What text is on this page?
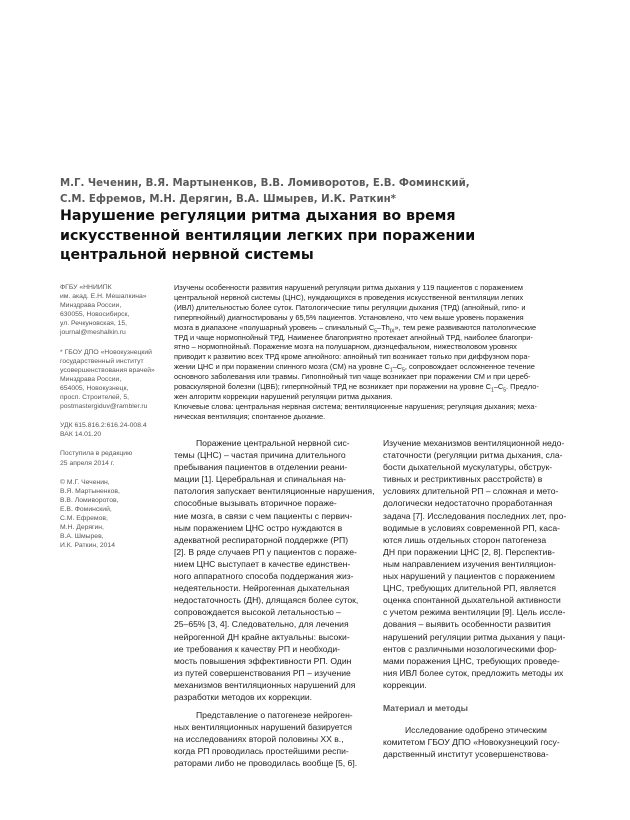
М.Г. Чеченин, В.Я. Мартыненков, В.В. Ломиворотов, Е.В. Фоминский,

С.М. Ефремов, М.Н. Дерягин, В.А. Шмырев, И.К. Раткин*

Нарушение регуляции ритма дыхания во время искусственной вентиляции легких при поражении центральной нервной системы
ФГБУ «ННИИПК
им. акад. Е.Н. Мешалкина»
Минздрава России,
630055, Новосибирск,
ул. Речкуновская, 15,
journal@meshalkin.ru
* ГБОУ ДПО «Новокузнецкий
государственный институт
усовершенствования врачей»
Минздрава России,
654005, Новокузнецк,
просп. Строителей, 5,
postmastergiduv@rambler.ru
УДК 615.816.2:616.24-008.4
ВАК 14.01.20
Поступила в редакцию
25 апреля 2014 г.
© М.Г. Чеченин,
В.Я. Мартыненков,
В.В. Ломиворотов,
Е.В. Фоминский,
С.М. Ефремов,
М.Н. Дерягин,
В.А. Шмырев,
И.К. Раткин, 2014
Изучены особенности развития нарушений регуляции ритма дыхания у 119 пациентов с поражением
центральной нервной системы (ЦНС), нуждающихся в проведения искусственной вентиляции легких
(ИВЛ) длительностью более суток. Патологические типы регуляции дыхания (ТРД) (апнойный, гипо- и
гиперпнойный) диагностированы у 65,5% пациентов. Установлено, что чем выше уровень поражения
мозга в диапазоне «полушарный уровень – спинальный $C_5-Th_{IX}$», тем реже развиваются патологические
ТРД и чаще нормопнойный ТРД. Наименее благоприятно протекает апнойный ТРД, наиболее благопри-
ятно – нормопнойный. Поражение мозга на полушарном, диэнцефальном, нижестволовом уровнях
приводит к развитию всех ТРД кроме апнойного: апнойный тип возникает только при диффузном пора-
жении ЦНС и при поражении спинного мозга (СМ) на уровне $C_1-C_5$, сопровождает осложненное течение
основного заболевания или травмы. Гипопнойный тип чаще возникает при поражении СМ и при цереб-
роваскулярной болезни (ЦВБ); гиперпнойный ТРД не возникает при поражении на уровне $C_1-C_5$. Предло-
жен алгоритм коррекции нарушений регуляции ритма дыхания.
Ключевые слова: центральная нервная система; вентиляционные нарушения; регуляция дыхания; меха-
ническая вентиляция; спонтанное дыхание.
Поражение центральной нервной сис-
темы (ЦНС) – частая причина длительного
пребывания пациентов в отделении реани-
мации [1]. Церебральная и спинальная на-
патология запускает вентиляционные нарушения,
способные вызывать вторичное пораже-
ние мозга, в связи с чем пациенты с первич-
ным поражением ЦНС остро нуждаются в
адекватной респираторной поддержке (РП)
[2]. В ряде случаев РП у пациентов с пораже-
нием ЦНС выступает в качестве единствен-
ного аппаратного способа поддержания жиз-
недеятельности. Нейрогенная дыхательная
недостаточность (ДН), длящаяся более суток,
сопровождается высокой летальностью –
25–65% [3, 4]. Следовательно, для лечения
нейрогенной ДН крайне актуальны: высоки-
ие требования к качеству РП и необходи-
мость повышения эффективности РП. Один
из путей совершенствования РП – изучение
механизмов вентиляционных нарушений для
разработки методов их коррекции.
Представление о патогенезе нейроген-
ных вентиляционных нарушений базируется
на исследованиях второй половины XX в.,
когда РП проводилась простейшими респи-
раторами либо не проводилась вообще [5, 6].
Изучение механизмов вентиляционной недо-
статочности (регуляции ритма дыхания, сла-
бости дыхательной мускулатуры, обструк-
тивных и рестриктивных расстройств) в
условиях длительной РП – сложная и мето-
дологически недостаточно проработанная
задача [7]. Исследования последних лет, про-
водимые в условиях современной РП, каса-
ются лишь отдельных сторон патогенеза
ДН при поражении ЦНС [2, 8]. Перспектив-
ным направлением изучения вентиляцион-
ных нарушений у пациентов с поражением
ЦНС, требующих длительной РП, является
оценка спонтанной дыхательной активности
с учетом режима вентиляции [9]. Цель иссле-
дования – выявить особенности развития
нарушений регуляции ритма дыхания у паци-
ентов с различными нозологическими фор-
мами поражения ЦНС, требующих проведе-
ния ИВЛ более суток, предложить методы их
коррекции.
Материал и методы
Исследование одобрено этическим
комитетом ГБОУ ДПО «Новокузнецкий госу-
дарственный институт усовершенствова-
